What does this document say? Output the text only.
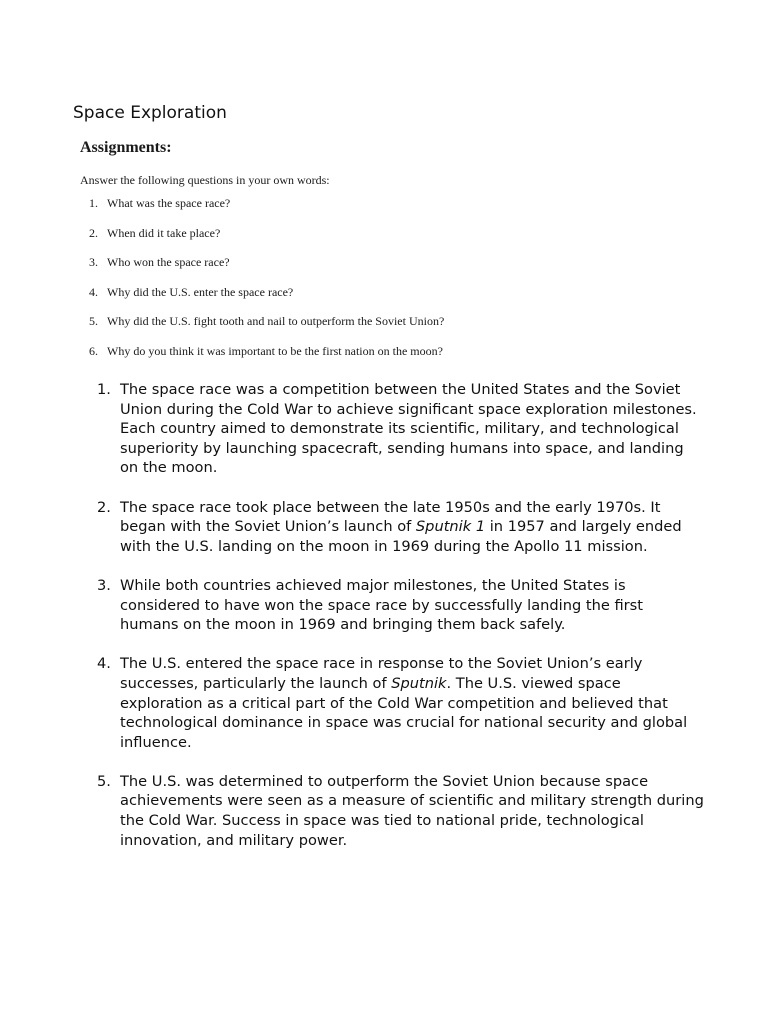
Space Exploration

Assignments:

Answer the following questions in your own words:

1. What was the space race?
2. When did it take place?
3. Who won the space race?
4. Why did the U.S. enter the space race?
5. Why did the U.S. fight tooth and nail to outperform the Soviet Union?
6. Why do you think it was important to be the first nation on the moon?
1. The space race was a competition between the United States and the Soviet Union during the Cold War to achieve significant space exploration milestones. Each country aimed to demonstrate its scientific, military, and technological superiority by launching spacecraft, sending humans into space, and landing on the moon.
2. The space race took place between the late 1950s and the early 1970s. It began with the Soviet Union’s launch of Sputnik 1 in 1957 and largely ended with the U.S. landing on the moon in 1969 during the Apollo 11 mission.
3. While both countries achieved major milestones, the United States is considered to have won the space race by successfully landing the first humans on the moon in 1969 and bringing them back safely.
4. The U.S. entered the space race in response to the Soviet Union’s early successes, particularly the launch of Sputnik. The U.S. viewed space exploration as a critical part of the Cold War competition and believed that technological dominance in space was crucial for national security and global influence.
5. The U.S. was determined to outperform the Soviet Union because space achievements were seen as a measure of scientific and military strength during the Cold War. Success in space was tied to national pride, technological innovation, and military power.
